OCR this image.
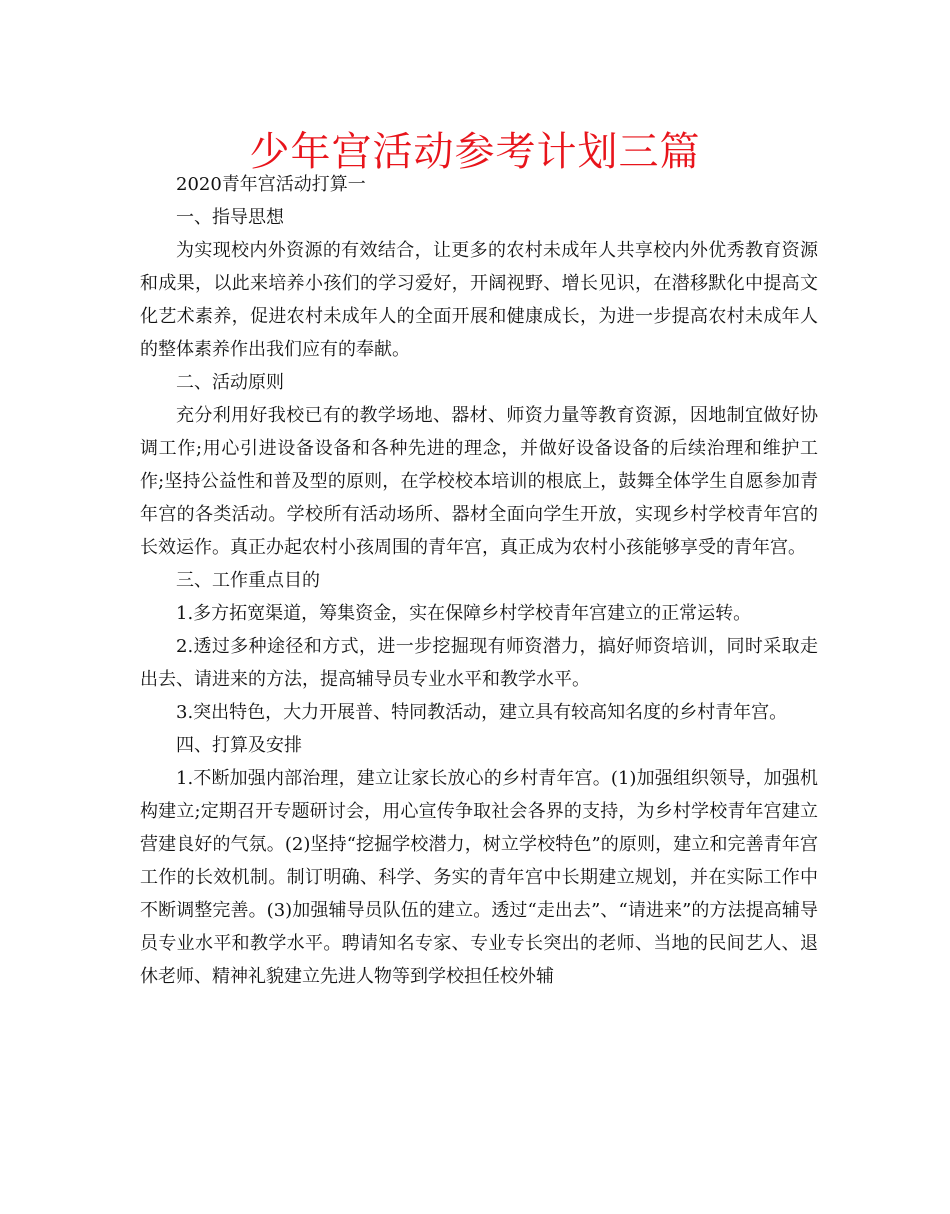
少年宫活动参考计划三篇

2020青年宫活动打算一

一、指导思想

为实现校内外资源的有效结合，让更多的农村未成年人共享校内外优秀教育资源和成果，以此来培养小孩们的学习爱好，开阔视野、增长见识，在潜移默化中提高文化艺术素养，促进农村未成年人的全面开展和健康成长，为进一步提高农村未成年人的整体素养作出我们应有的奉献。

二、活动原则

充分利用好我校已有的教学场地、器材、师资力量等教育资源，因地制宜做好协调工作;用心引进设备设备和各种先进的理念，并做好设备设备的后续治理和维护工作;坚持公益性和普及型的原则，在学校校本培训的根底上，鼓舞全体学生自愿参加青年宫的各类活动。学校所有活动场所、器材全面向学生开放，实现乡村学校青年宫的长效运作。真正办起农村小孩周围的青年宫，真正成为农村小孩能够享受的青年宫。

三、工作重点目的

1.多方拓宽渠道，筹集资金，实在保障乡村学校青年宫建立的正常运转。

2.透过多种途径和方式，进一步挖掘现有师资潜力，搞好师资培训，同时采取走出去、请进来的方法，提高辅导员专业水平和教学水平。

3.突出特色，大力开展普、特同教活动，建立具有较高知名度的乡村青年宫。

四、打算及安排

1.不断加强内部治理，建立让家长放心的乡村青年宫。(1)加强组织领导，加强机构建立;定期召开专题研讨会，用心宣传争取社会各界的支持，为乡村学校青年宫建立营建良好的气氛。(2)坚持“挖掘学校潜力，树立学校特色”的原则，建立和完善青年宫工作的长效机制。制订明确、科学、务实的青年宫中长期建立规划，并在实际工作中不断调整完善。(3)加强辅导员队伍的建立。透过“走出去”、“请进来”的方法提高辅导员专业水平和教学水平。聘请知名专家、专业专长突出的老师、当地的民间艺人、退休老师、精神礼貌建立先进人物等到学校担任校外辅
